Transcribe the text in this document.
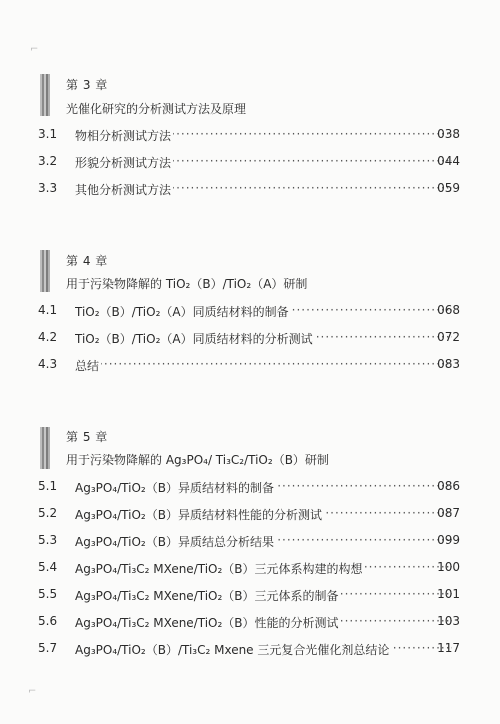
⌐
⌐
第 3 章
光催化研究的分析测试方法及原理
3.1 物相分析测试方法 ·····	038
3.2 形貌分析测试方法 ·····	044
3.3 其他分析测试方法 ·····	059
第 4 章
用于污染物降解的 TiO₂（B）/TiO₂（A）研制
4.1 TiO₂（B）/TiO₂（A）同质结材料的制备 ·····	068
4.2 TiO₂（B）/TiO₂（A）同质结材料的分析测试 ·····	072
4.3 总结 ·····	083
第 5 章
用于污染物降解的 Ag₃PO₄/ Ti₃C₂/TiO₂（B）研制
5.1 Ag₃PO₄/TiO₂（B）异质结材料的制备 ·····	086
5.2 Ag₃PO₄/TiO₂（B）异质结材料性能的分析测试 ·····	087
5.3 Ag₃PO₄/TiO₂（B）异质结总分析结果 ·····	099
5.4 Ag₃PO₄/Ti₃C₂ MXene/TiO₂（B）三元体系构建的构想 ·····	100
5.5 Ag₃PO₄/Ti₃C₂ MXene/TiO₂（B）三元体系的制备 ·····	101
5.6 Ag₃PO₄/Ti₃C₂ MXene/TiO₂（B）性能的分析测试 ·····	103
5.7 Ag₃PO₄/TiO₂（B）/Ti₃C₂ Mxene 三元复合光催化剂总结论 ·····	117
